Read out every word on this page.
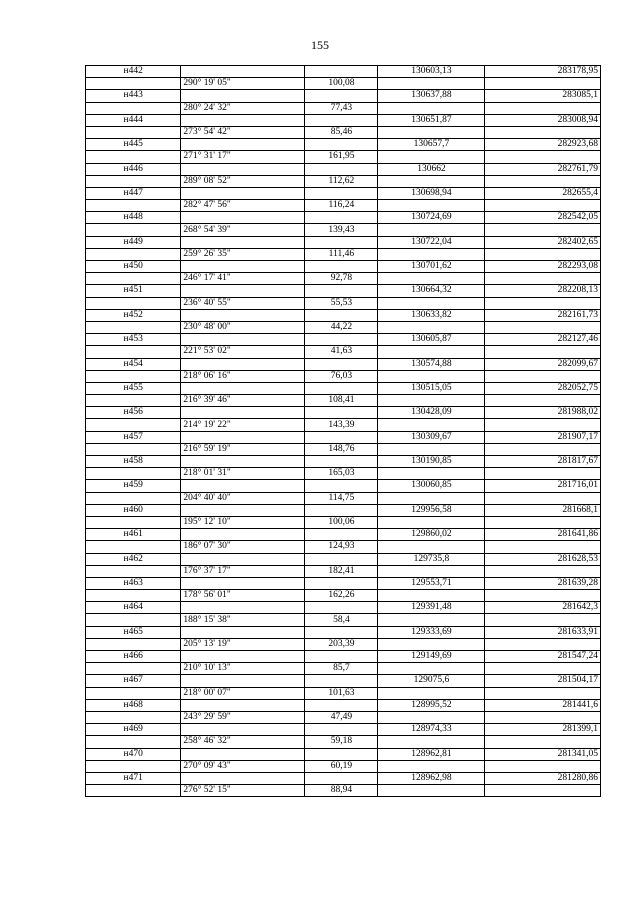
155
н442			130603,13	283178,95
	290° 19' 05"	100,08		
н443			130637,88	283085,1
	280° 24' 32"	77,43		
н444			130651,87	283008,94
	273° 54' 42"	85,46		
н445			130657,7	282923,68
	271° 31' 17"	161,95		
н446			130662	282761,79
	289° 08' 52"	112,62		
н447			130698,94	282655,4
	282° 47' 56"	116,24		
н448			130724,69	282542,05
	268° 54' 39"	139,43		
н449			130722,04	282402,65
	259° 26' 35"	111,46		
н450			130701,62	282293,08
	246° 17' 41"	92,78		
н451			130664,32	282208,13
	236° 40' 55"	55,53		
н452			130633,82	282161,73
	230° 48' 00"	44,22		
н453			130605,87	282127,46
	221° 53' 02"	41,63		
н454			130574,88	282099,67
	218° 06' 16"	76,03		
н455			130515,05	282052,75
	216° 39' 46"	108,41		
н456			130428,09	281988,02
	214° 19' 22"	143,39		
н457			130309,67	281907,17
	216° 59' 19"	148,76		
н458			130190,85	281817,67
	218° 01' 31"	165,03		
н459			130060,85	281716,01
	204° 40' 40"	114,75		
н460			129956,58	281668,1
	195° 12' 10"	100,06		
н461			129860,02	281641,86
	186° 07' 30"	124,93		
н462			129735,8	281628,53
	176° 37' 17"	182,41		
н463			129553,71	281639,28
	178° 56' 01"	162,26		
н464			129391,48	281642,3
	188° 15' 38"	58,4		
н465			129333,69	281633,91
	205° 13' 19"	203,39		
н466			129149,69	281547,24
	210° 10' 13"	85,7		
н467			129075,6	281504,17
	218° 00' 07"	101,63		
н468			128995,52	281441,6
	243° 29' 59"	47,49		
н469			128974,33	281399,1
	258° 46' 32"	59,18		
н470			128962,81	281341,05
	270° 09' 43"	60,19		
н471			128962,98	281280,86
	276° 52' 15"	88,94		
